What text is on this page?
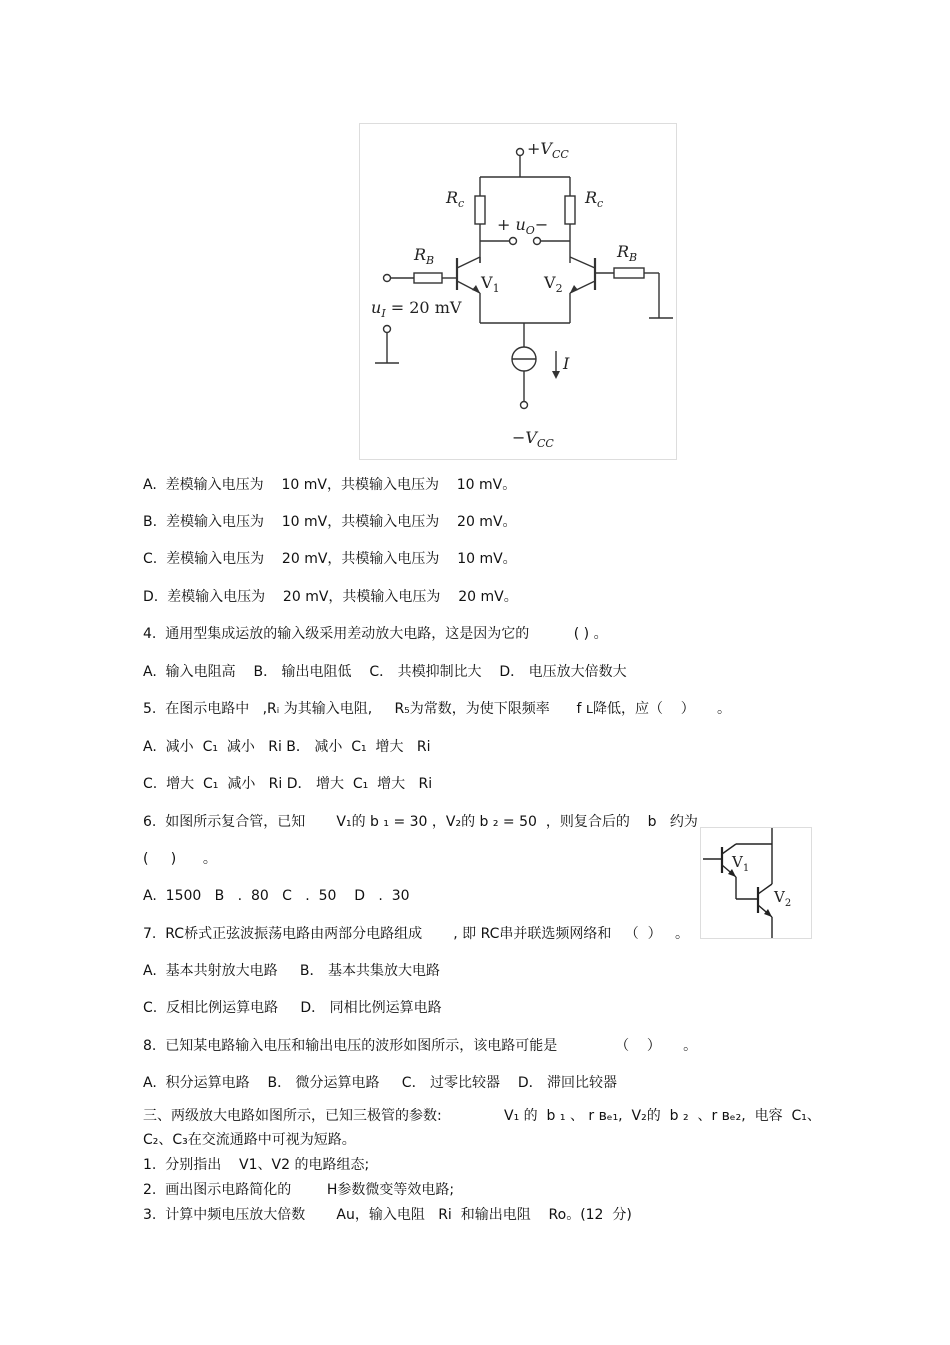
$+V_{CC}$
$R_c$	$R_c$
+ $u_O-$
$R_B$	$R_B$
$V_1$	$V_2$
$u_I = 20$ mV
I
$-V_{CC}$
$V_1$
$V_2$
A.  差模输入电压为    10 mV，共模输入电压为    10 mV。
B.  差模输入电压为    10 mV，共模输入电压为    20 mV。
C.  差模输入电压为    20 mV，共模输入电压为    10 mV。
D.  差模输入电压为    20 mV，共模输入电压为    20 mV。
4.  通用型集成运放的输入级采用差动放大电路，这是因为它的          ( ) 。
A.  输入电阻高    B． 输出电阻低    C． 共模抑制比大    D． 电压放大倍数大
5.  在图示电路中   ,Rᵢ 为其输入电阻,     R₅为常数，为使下限频率      f ʟ降低，应（    ）     。
A.  减小  C₁  减小   Ri B． 减小  C₁  增大   Ri
C.  增大  C₁  减小   Ri D． 增大  C₁  增大   Ri
6.  如图所示复合管，已知       V₁的 b ₁ = 30 ，V₂的 b ₂ = 50  ，则复合后的    b   约为
(     )      。
A.  1500   B   .  80   C   .  50    D   .  30
7.  RC桥式正弦波振荡电路由两部分电路组成       , 即 RC串并联选频网络和   （  ）   。
A.  基本共射放大电路     B． 基本共集放大电路
C.  反相比例运算电路     D． 同相比例运算电路
8.  已知某电路输入电压和输出电压的波形如图所示，该电路可能是             （    ）     。
A.  积分运算电路    B． 微分运算电路     C． 过零比较器    D． 滞回比较器
三、两级放大电路如图所示，已知三极管的参数:              V₁ 的  b ₁ 、 r ʙₑ₁,  V₂的  b ₂  、r ʙₑ₂,  电容  C₁、
C₂、C₃在交流通路中可视为短路。
1.  分别指出    V1、V2 的电路组态;
2.  画出图示电路简化的        H参数微变等效电路;
3.  计算中频电压放大倍数       Au，输入电阻   Ri  和输出电阻    Ro。(12  分)
